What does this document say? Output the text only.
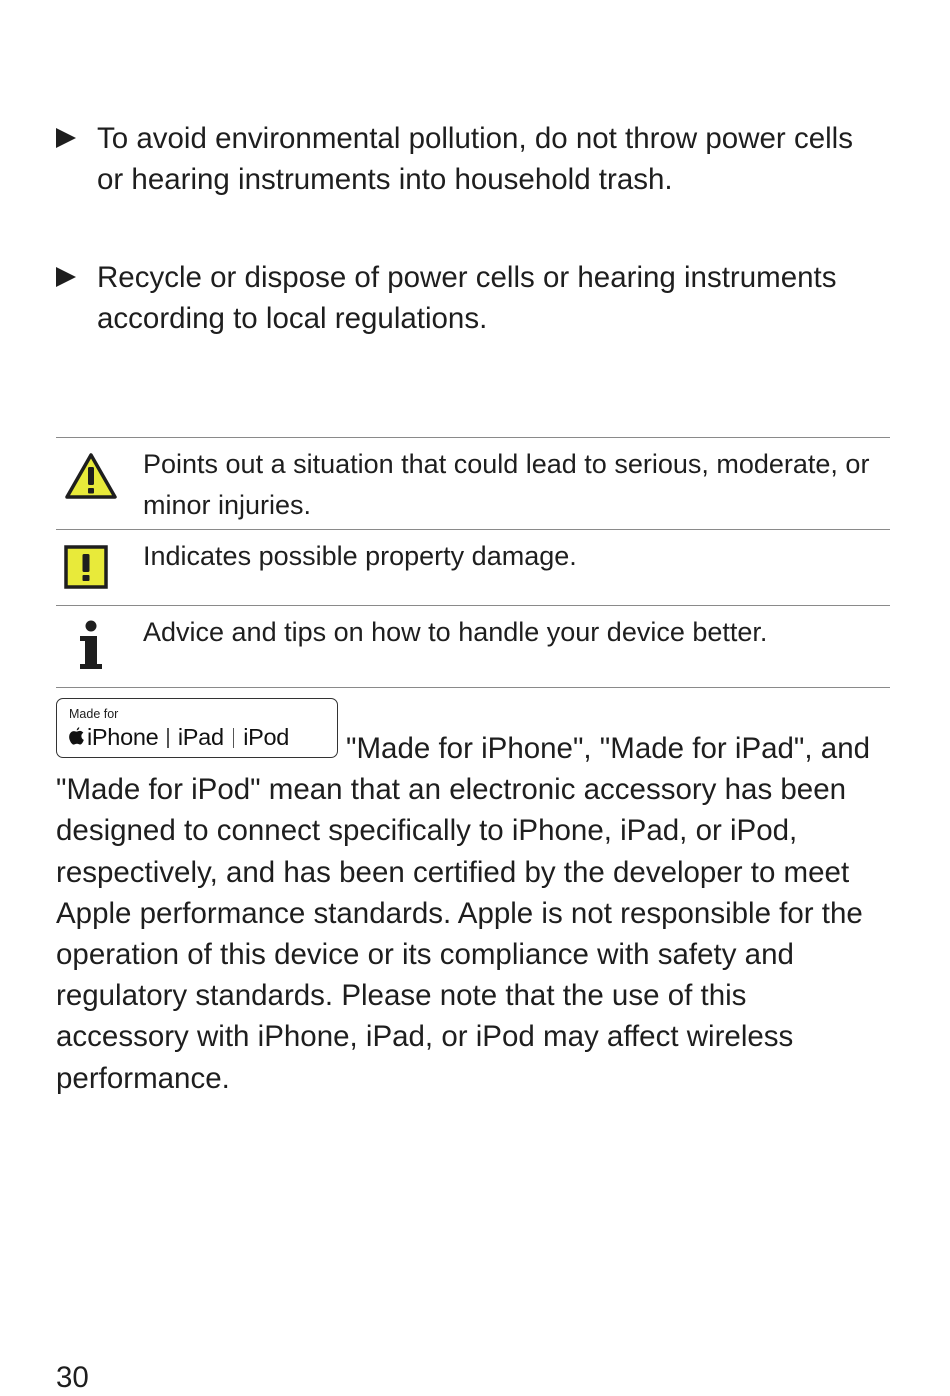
To avoid environmental pollution, do not throw power cells or hearing instruments into household trash.
Recycle or dispose of power cells or hearing instruments according to local regulations.
Points out a situation that could lead to serious, moderate, or minor injuries.
Indicates possible property damage.
Advice and tips on how to handle your device better.
Made for
iPhone iPad iPod	"Made for iPhone", "Made for iPad", and "Made for iPod" mean that an electronic accessory has been designed to connect specifically to iPhone, iPad, or iPod, respectively, and has been certified by the developer to meet Apple performance standards. Apple is not responsible for the operation of this device or its compliance with safety and regulatory standards. Please note that the use of this accessory with iPhone, iPad, or iPod may affect wireless performance.

30
